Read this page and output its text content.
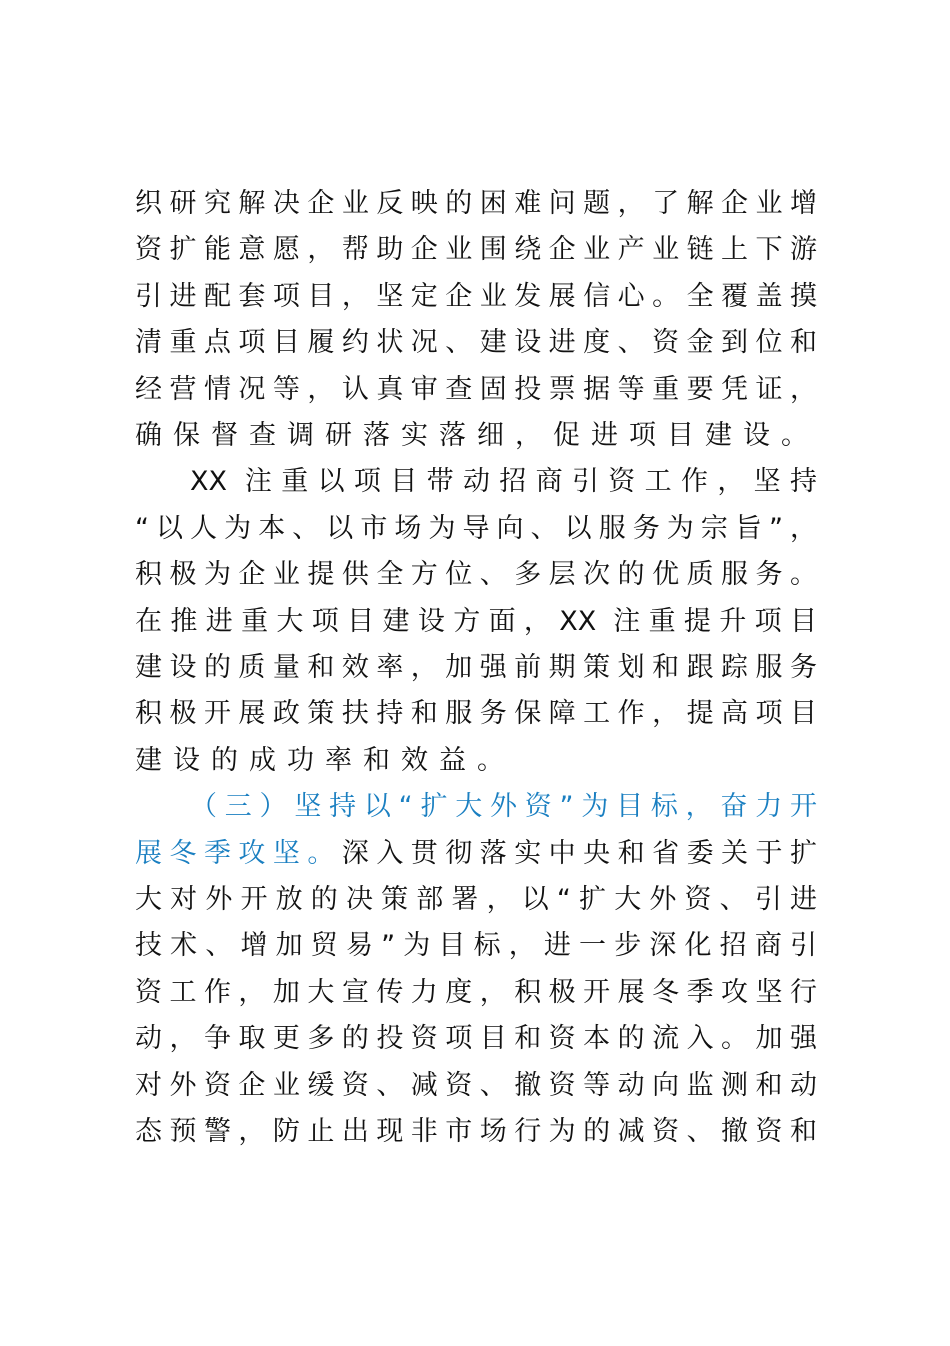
织研究解决企业反映的困难问题，了解企业增
资扩能意愿，帮助企业围绕企业产业链上下游
引进配套项目，坚定企业发展信心。全覆盖摸
清重点项目履约状况、建设进度、资金到位和
经营情况等，认真审查固投票据等重要凭证，
确保督查调研落实落细，促进项目建设。
XX 注重以项目带动招商引资工作，坚持
“以人为本、以市场为导向、以服务为宗旨”，
积极为企业提供全方位、多层次的优质服务。
在推进重大项目建设方面，XX 注重提升项目
建设的质量和效率，加强前期策划和跟踪服务
积极开展政策扶持和服务保障工作，提高项目
建设的成功率和效益。
（三）坚持以“扩大外资”为目标，奋力开
展冬季攻坚。深入贯彻落实中央和省委关于扩
大对外开放的决策部署，以“扩大外资、引进
技术、增加贸易”为目标，进一步深化招商引
资工作，加大宣传力度，积极开展冬季攻坚行
动，争取更多的投资项目和资本的流入。加强
对外资企业缓资、减资、撤资等动向监测和动
态预警，防止出现非市场行为的减资、撤资和
